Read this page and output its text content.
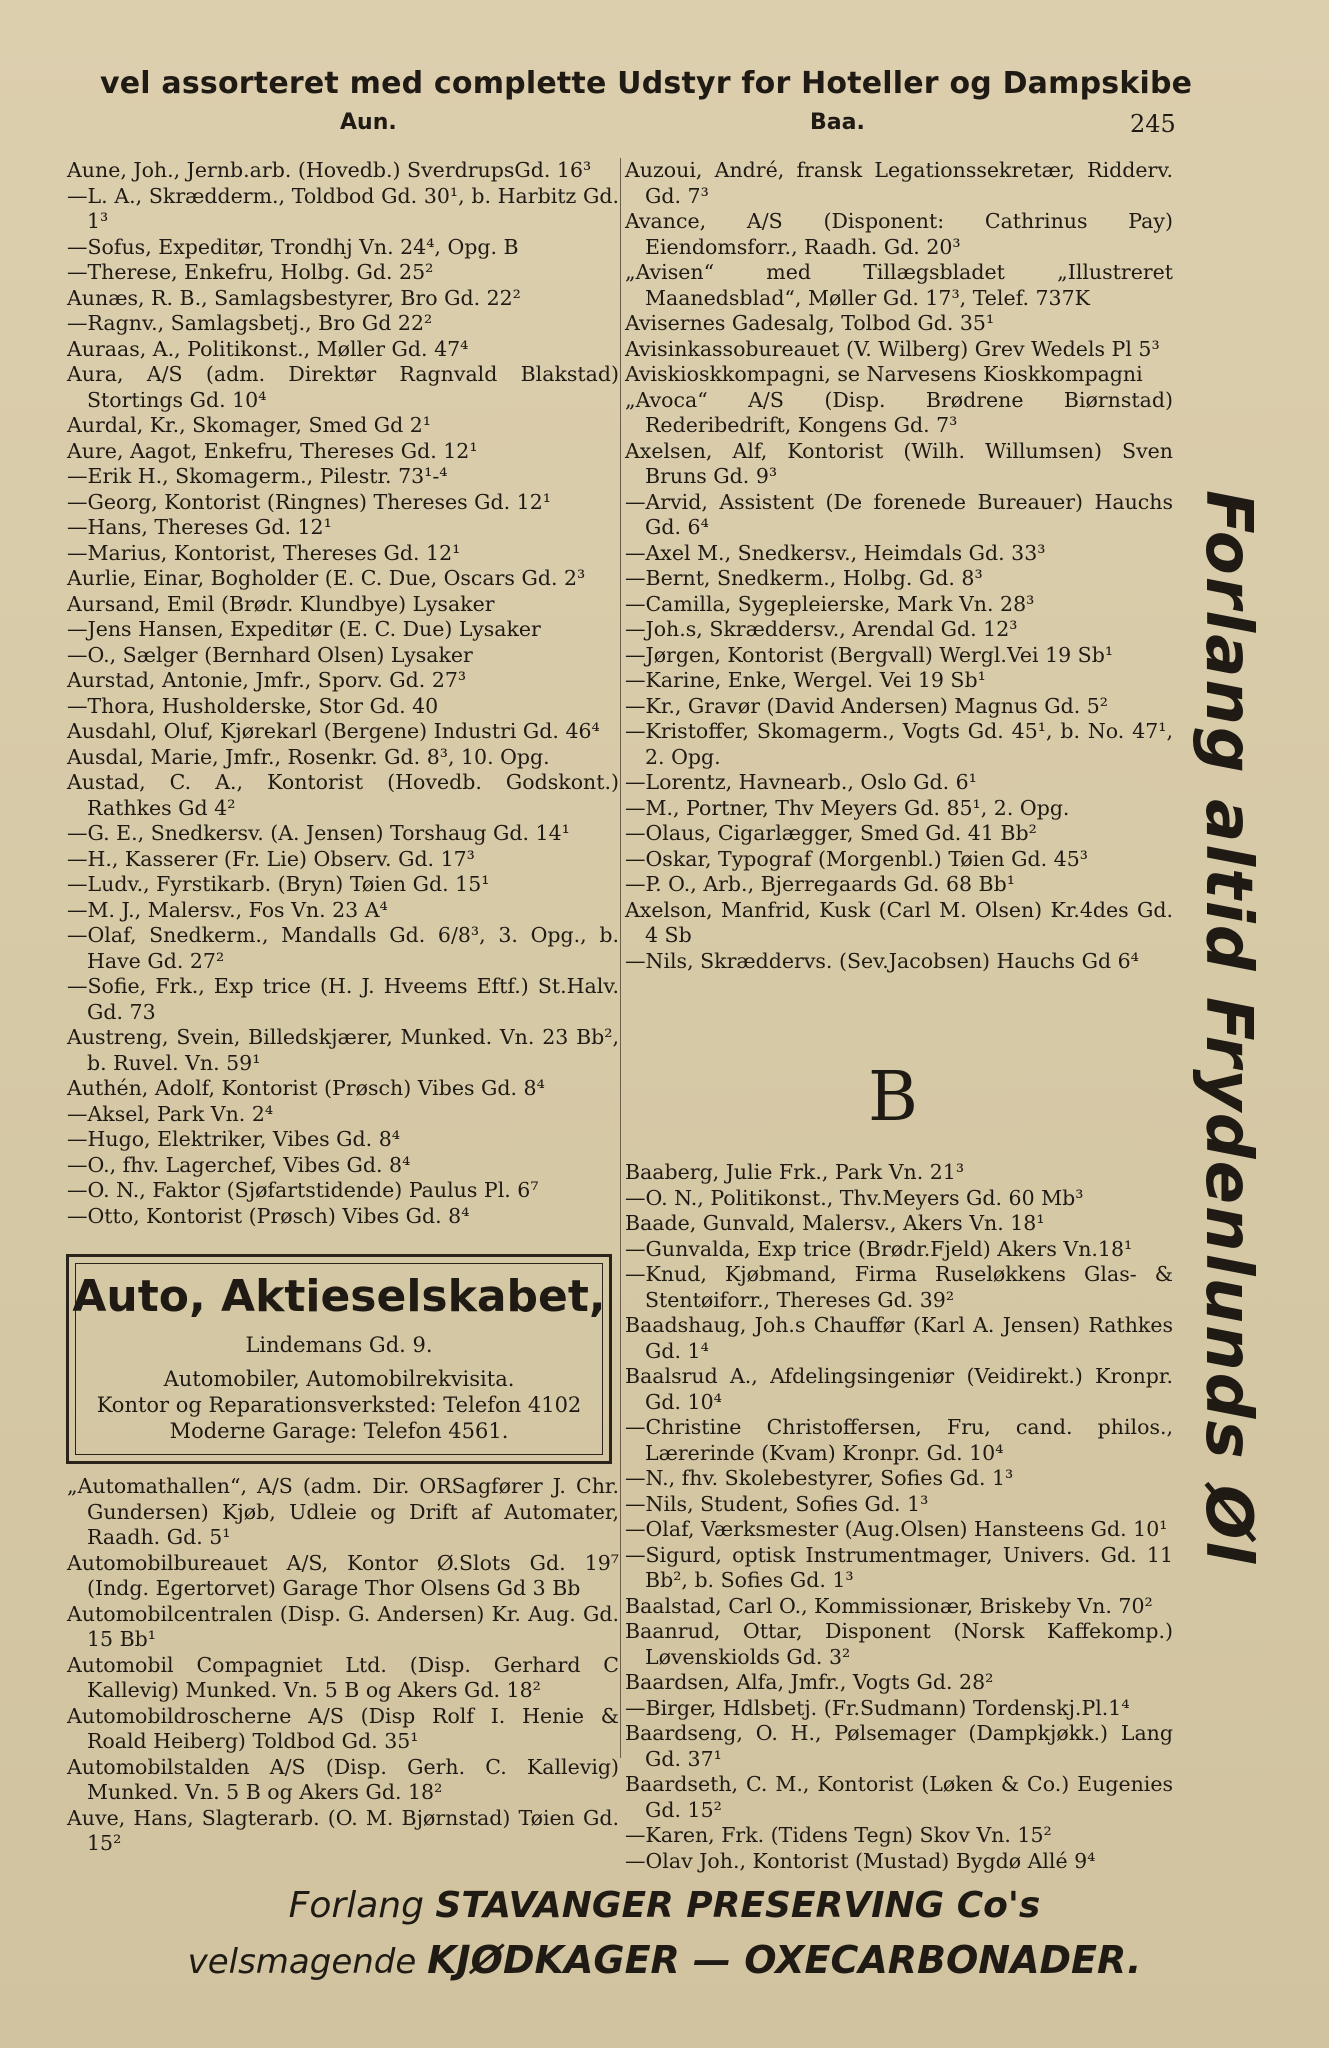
vel assorteret med complette Udstyr for Hoteller og Dampskibe
Aun.	Baa.	245

Aune, Joh., Jernb.arb. (Hovedb.) SverdrupsGd. 16³

—L. A., Skrædderm., Toldbod Gd. 30¹, b. Harbitz Gd. 1³

—Sofus, Expeditør, Trondhj Vn. 24⁴, Opg. B

—Therese, Enkefru, Holbg. Gd. 25²

Aunæs, R. B., Samlagsbestyrer, Bro Gd. 22²

—Ragnv., Samlagsbetj., Bro Gd 22²

Auraas, A., Politikonst., Møller Gd. 47⁴

Aura, A/S (adm. Direktør Ragnvald Blakstad) Stortings Gd. 10⁴

Aurdal, Kr., Skomager, Smed Gd 2¹

Aure, Aagot, Enkefru, Thereses Gd. 12¹

—Erik H., Skomagerm., Pilestr. 73¹-⁴

—Georg, Kontorist (Ringnes) Thereses Gd. 12¹

—Hans, Thereses Gd. 12¹

—Marius, Kontorist, Thereses Gd. 12¹

Aurlie, Einar, Bogholder (E. C. Due, Oscars Gd. 2³

Aursand, Emil (Brødr. Klundbye) Lysaker

—Jens Hansen, Expeditør (E. C. Due) Lysaker

—O., Sælger (Bernhard Olsen) Lysaker

Aurstad, Antonie, Jmfr., Sporv. Gd. 27³

—Thora, Husholderske, Stor Gd. 40

Ausdahl, Oluf, Kjørekarl (Bergene) Industri Gd. 46⁴

Ausdal, Marie, Jmfr., Rosenkr. Gd. 8³, 10. Opg.

Austad, C. A., Kontorist (Hovedb. Godskont.) Rathkes Gd 4²

—G. E., Snedkersv. (A. Jensen) Torshaug Gd. 14¹

—H., Kasserer (Fr. Lie) Observ. Gd. 17³

—Ludv., Fyrstikarb. (Bryn) Tøien Gd. 15¹

—M. J., Malersv., Fos Vn. 23 A⁴

—Olaf, Snedkerm., Mandalls Gd. 6/8³, 3. Opg., b. Have Gd. 27²

—Sofie, Frk., Exp trice (H. J. Hveems Eftf.) St.Halv. Gd. 73

Austreng, Svein, Billedskjærer, Munked. Vn. 23 Bb², b. Ruvel. Vn. 59¹

Authén, Adolf, Kontorist (Prøsch) Vibes Gd. 8⁴

—Aksel, Park Vn. 2⁴

—Hugo, Elektriker, Vibes Gd. 8⁴

—O., fhv. Lagerchef, Vibes Gd. 8⁴

—O. N., Faktor (Sjøfartstidende) Paulus Pl. 6⁷

—Otto, Kontorist (Prøsch) Vibes Gd. 8⁴

Auto, Aktieselskabet,
Lindemans Gd. 9.
Automobiler, Automobilrekvisita.
Kontor og Reparationsverksted: Telefon 4102
Moderne Garage: Telefon 4561.

„Automathallen“, A/S (adm. Dir. ORSagfører J. Chr. Gundersen) Kjøb, Udleie og Drift af Automater, Raadh. Gd. 5¹

Automobilbureauet A/S, Kontor Ø.Slots Gd. 19⁷ (Indg. Egertorvet) Garage Thor Olsens Gd 3 Bb

Automobilcentralen (Disp. G. Andersen) Kr. Aug. Gd. 15 Bb¹

Automobil Compagniet Ltd. (Disp. Gerhard C Kallevig) Munked. Vn. 5 B og Akers Gd. 18²

Automobildroscherne A/S (Disp Rolf I. Henie & Roald Heiberg) Toldbod Gd. 35¹

Automobilstalden A/S (Disp. Gerh. C. Kallevig) Munked. Vn. 5 B og Akers Gd. 18²

Auve, Hans, Slagterarb. (O. M. Bjørnstad) Tøien Gd. 15²

Auzoui, André, fransk Legationssekretær, Ridderv. Gd. 7³

Avance, A/S (Disponent: Cathrinus Pay) Eiendomsforr., Raadh. Gd. 20³

„Avisen“ med Tillægsbladet „Illustreret Maanedsblad“, Møller Gd. 17³, Telef. 737K

Avisernes Gadesalg, Tolbod Gd. 35¹

Avisinkassobureauet (V. Wilberg) Grev Wedels Pl 5³

Aviskioskkompagni, se Narvesens Kioskkompagni

„Avoca“ A/S (Disp. Brødrene Biørnstad) Rederibedrift, Kongens Gd. 7³

Axelsen, Alf, Kontorist (Wilh. Willumsen) Sven Bruns Gd. 9³

—Arvid, Assistent (De forenede Bureauer) Hauchs Gd. 6⁴

—Axel M., Snedkersv., Heimdals Gd. 33³

—Bernt, Snedkerm., Holbg. Gd. 8³

—Camilla, Sygepleierske, Mark Vn. 28³

—Joh.s, Skræddersv., Arendal Gd. 12³

—Jørgen, Kontorist (Bergvall) Wergl.Vei 19 Sb¹

—Karine, Enke, Wergel. Vei 19 Sb¹

—Kr., Gravør (David Andersen) Magnus Gd. 5²

—Kristoffer, Skomagerm., Vogts Gd. 45¹, b. No. 47¹, 2. Opg.

—Lorentz, Havnearb., Oslo Gd. 6¹

—M., Portner, Thv Meyers Gd. 85¹, 2. Opg.

—Olaus, Cigarlægger, Smed Gd. 41 Bb²

—Oskar, Typograf (Morgenbl.) Tøien Gd. 45³

—P. O., Arb., Bjerregaards Gd. 68 Bb¹

Axelson, Manfrid, Kusk (Carl M. Olsen) Kr.4des Gd. 4 Sb

—Nils, Skræddervs. (Sev.Jacobsen) Hauchs Gd 6⁴

B

Baaberg, Julie Frk., Park Vn. 21³

—O. N., Politikonst., Thv.Meyers Gd. 60 Mb³

Baade, Gunvald, Malersv., Akers Vn. 18¹

—Gunvalda, Exp trice (Brødr.Fjeld) Akers Vn.18¹

—Knud, Kjøbmand, Firma Ruseløkkens Glas- & Stentøiforr., Thereses Gd. 39²

Baadshaug, Joh.s Chauffør (Karl A. Jensen) Rathkes Gd. 1⁴

Baalsrud A., Afdelingsingeniør (Veidirekt.) Kronpr. Gd. 10⁴

—Christine Christoffersen, Fru, cand. philos., Lærerinde (Kvam) Kronpr. Gd. 10⁴

—N., fhv. Skolebestyrer, Sofies Gd. 1³

—Nils, Student, Sofies Gd. 1³

—Olaf, Værksmester (Aug.Olsen) Hansteens Gd. 10¹

—Sigurd, optisk Instrumentmager, Univers. Gd. 11 Bb², b. Sofies Gd. 1³

Baalstad, Carl O., Kommissionær, Briskeby Vn. 70²

Baanrud, Ottar, Disponent (Norsk Kaffekomp.) Løvenskiolds Gd. 3²

Baardsen, Alfa, Jmfr., Vogts Gd. 28²

—Birger, Hdlsbetj. (Fr.Sudmann) Tordenskj.Pl.1⁴

Baardseng, O. H., Pølsemager (Dampkjøkk.) Lang Gd. 37¹

Baardseth, C. M., Kontorist (Løken & Co.) Eugenies Gd. 15²

—Karen, Frk. (Tidens Tegn) Skov Vn. 15²

—Olav Joh., Kontorist (Mustad) Bygdø Allé 9⁴

Forlang altid Frydenlunds Øl
Forlang STAVANGER PRESERVING Co's
velsmagende KJØDKAGER — OXECARBONADER.
